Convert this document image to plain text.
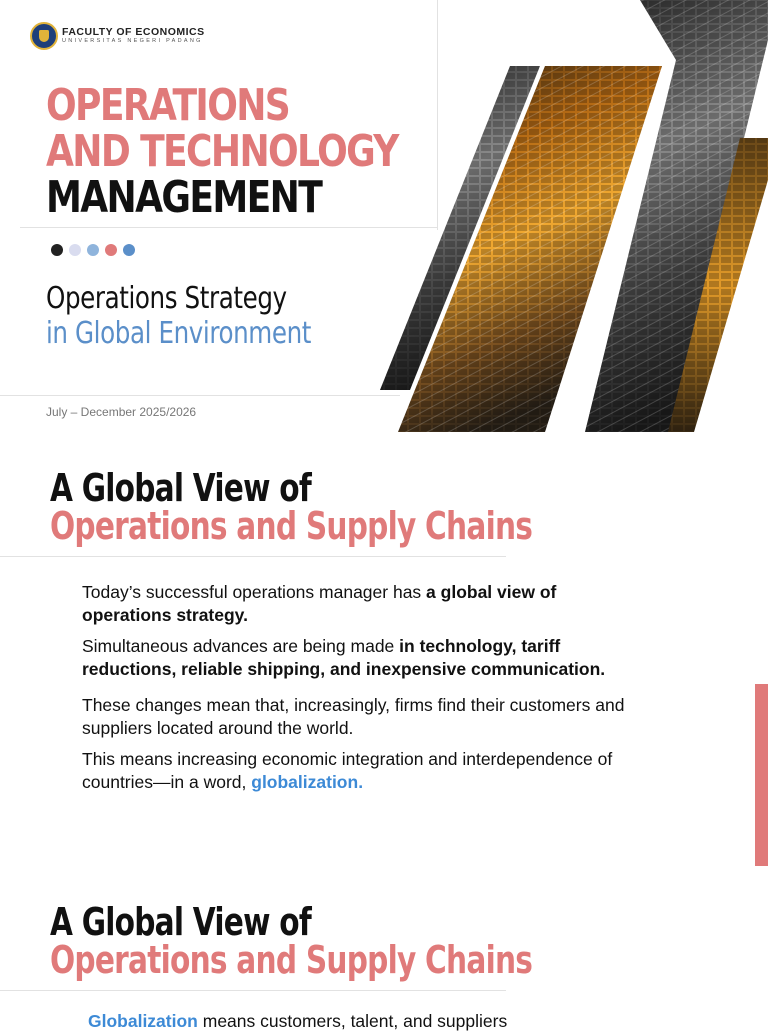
FACULTY OF ECONOMICS
UNIVERSITAS NEGERI PADANG
OPERATIONS
AND TECHNOLOGY
MANAGEMENT
Operations Strategy
in Global Environment
July – December 2025/2026
A Global View of
Operations and Supply Chains
Today’s successful operations manager has a global view of operations strategy.
Simultaneous advances are being made in technology, tariff reductions, reliable shipping, and inexpensive communication.
These changes mean that, increasingly, firms find their customers and suppliers located around the world.
This means increasing economic integration and interdependence of countries—in a word, globalization.
A Global View of
Operations and Supply Chains
Globalization means customers, talent, and suppliers
